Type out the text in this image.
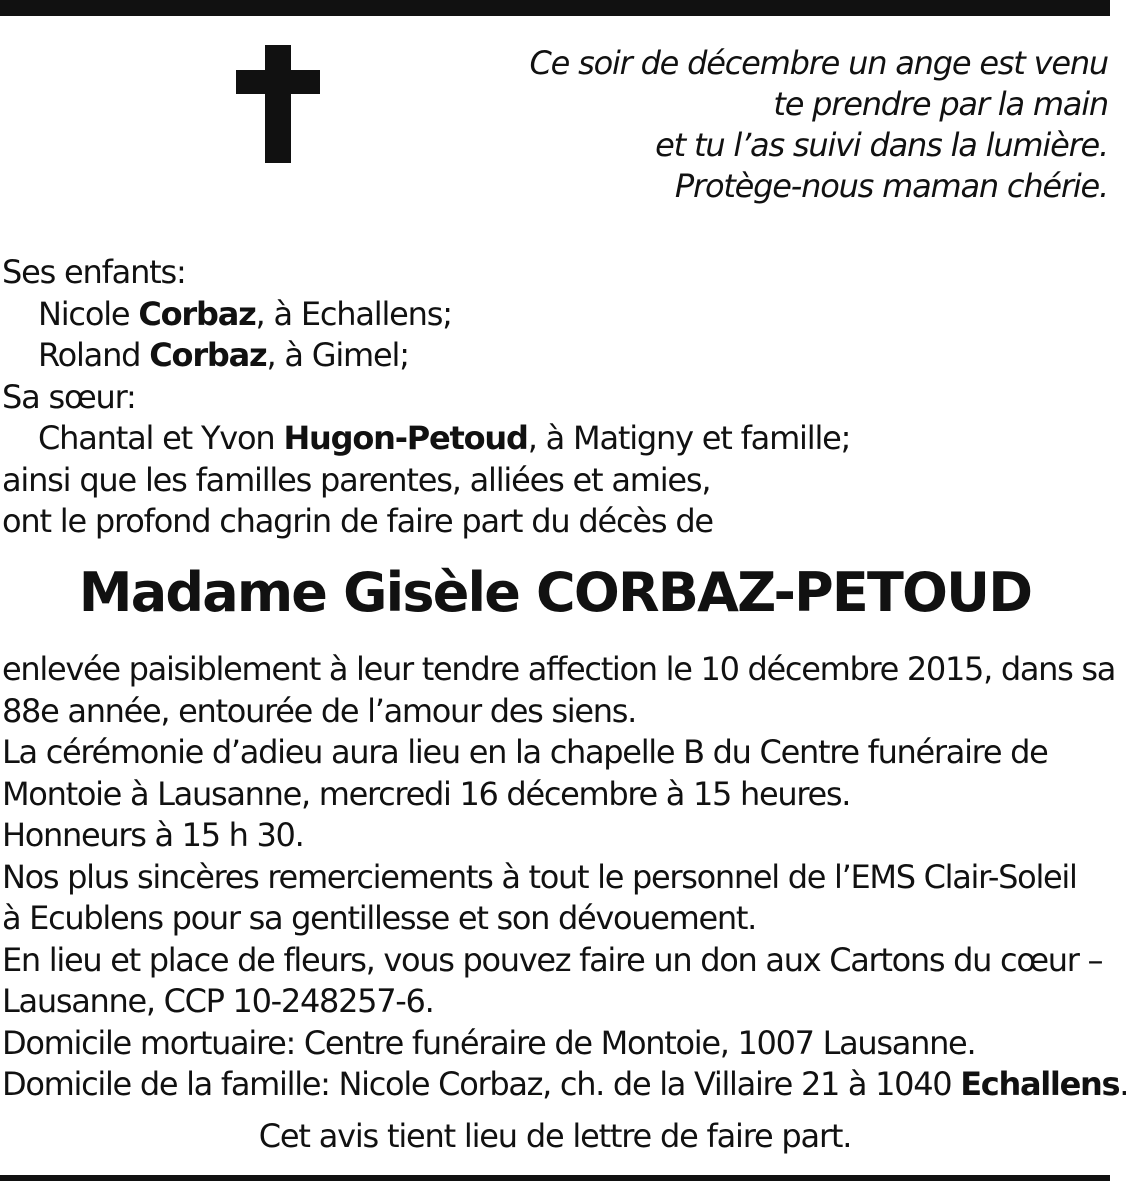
Ce soir de décembre un ange est venu
te prendre par la main
et tu l’as suivi dans la lumière.
Protège-nous maman chérie.
Ses enfants:
Nicole Corbaz, à Echallens;
Roland Corbaz, à Gimel;
Sa sœur:
Chantal et Yvon Hugon-Petoud, à Matigny et famille;
ainsi que les familles parentes, alliées et amies,
ont le profond chagrin de faire part du décès de
Madame Gisèle CORBAZ-PETOUD
enlevée paisiblement à leur tendre affection le 10 décembre 2015, dans sa
88e année, entourée de l’amour des siens.
La cérémonie d’adieu aura lieu en la chapelle B du Centre funéraire de
Montoie à Lausanne, mercredi 16 décembre à 15 heures.
Honneurs à 15 h 30.
Nos plus sincères remerciements à tout le personnel de l’EMS Clair-Soleil
à Ecublens pour sa gentillesse et son dévouement.
En lieu et place de fleurs, vous pouvez faire un don aux Cartons du cœur –
Lausanne, CCP 10-248257-6.
Domicile mortuaire: Centre funéraire de Montoie, 1007 Lausanne.
Domicile de la famille: Nicole Corbaz, ch. de la Villaire 21 à 1040 Echallens.
Cet avis tient lieu de lettre de faire part.
